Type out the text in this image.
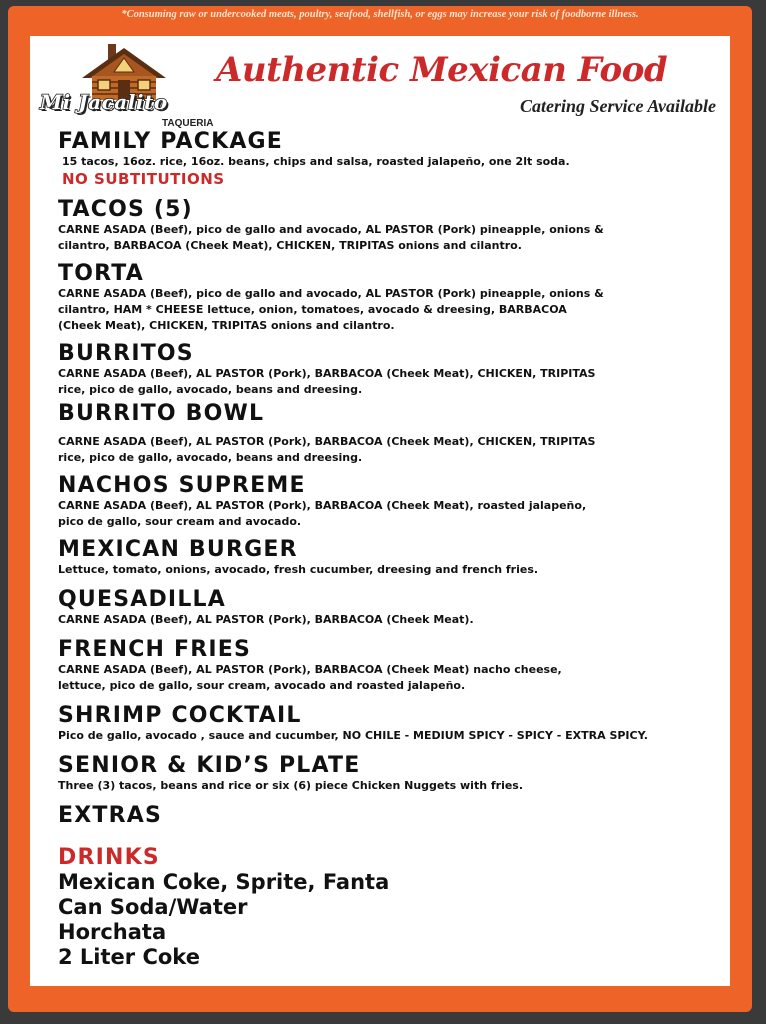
*Consuming raw or undercooked meats, poultry, seafood, shellfish, or eggs may increase your risk of foodborne illness.
Mi Jacalito
TAQUERIA
Authentic Mexican Food
Catering Service Available
FAMILY PACKAGE
15 tacos, 16oz. rice, 16oz. beans, chips and salsa, roasted jalapeño, one 2lt soda.
NO SUBTITUTIONS
TACOS (5)
CARNE ASADA (Beef), pico de gallo and avocado, AL PASTOR (Pork) pineapple, onions &
cilantro, BARBACOA (Cheek Meat), CHICKEN, TRIPITAS onions and cilantro.
TORTA
CARNE ASADA (Beef), pico de gallo and avocado, AL PASTOR (Pork) pineapple, onions &
cilantro, HAM * CHEESE lettuce, onion, tomatoes, avocado & dreesing, BARBACOA
(Cheek Meat), CHICKEN, TRIPITAS onions and cilantro.
BURRITOS
CARNE ASADA (Beef), AL PASTOR (Pork), BARBACOA (Cheek Meat), CHICKEN, TRIPITAS
rice, pico de gallo, avocado, beans and dreesing.
BURRITO BOWL
CARNE ASADA (Beef), AL PASTOR (Pork), BARBACOA (Cheek Meat), CHICKEN, TRIPITAS
rice, pico de gallo, avocado, beans and dreesing.
NACHOS SUPREME
CARNE ASADA (Beef), AL PASTOR (Pork), BARBACOA (Cheek Meat), roasted jalapeño,
pico de gallo, sour cream and avocado.
MEXICAN BURGER
Lettuce, tomato, onions, avocado, fresh cucumber, dreesing and french fries.
QUESADILLA
CARNE ASADA (Beef), AL PASTOR (Pork), BARBACOA (Cheek Meat).
FRENCH FRIES
CARNE ASADA (Beef), AL PASTOR (Pork), BARBACOA (Cheek Meat) nacho cheese,
lettuce, pico de gallo, sour cream, avocado and roasted jalapeño.
SHRIMP COCKTAIL
Pico de gallo, avocado , sauce and cucumber, NO CHILE - MEDIUM SPICY - SPICY - EXTRA SPICY.
SENIOR & KID’S PLATE
Three (3) tacos, beans and rice or six (6) piece Chicken Nuggets with fries.
EXTRAS
DRINKS
Mexican Coke, Sprite, Fanta
Can Soda/Water
Horchata
2 Liter Coke
